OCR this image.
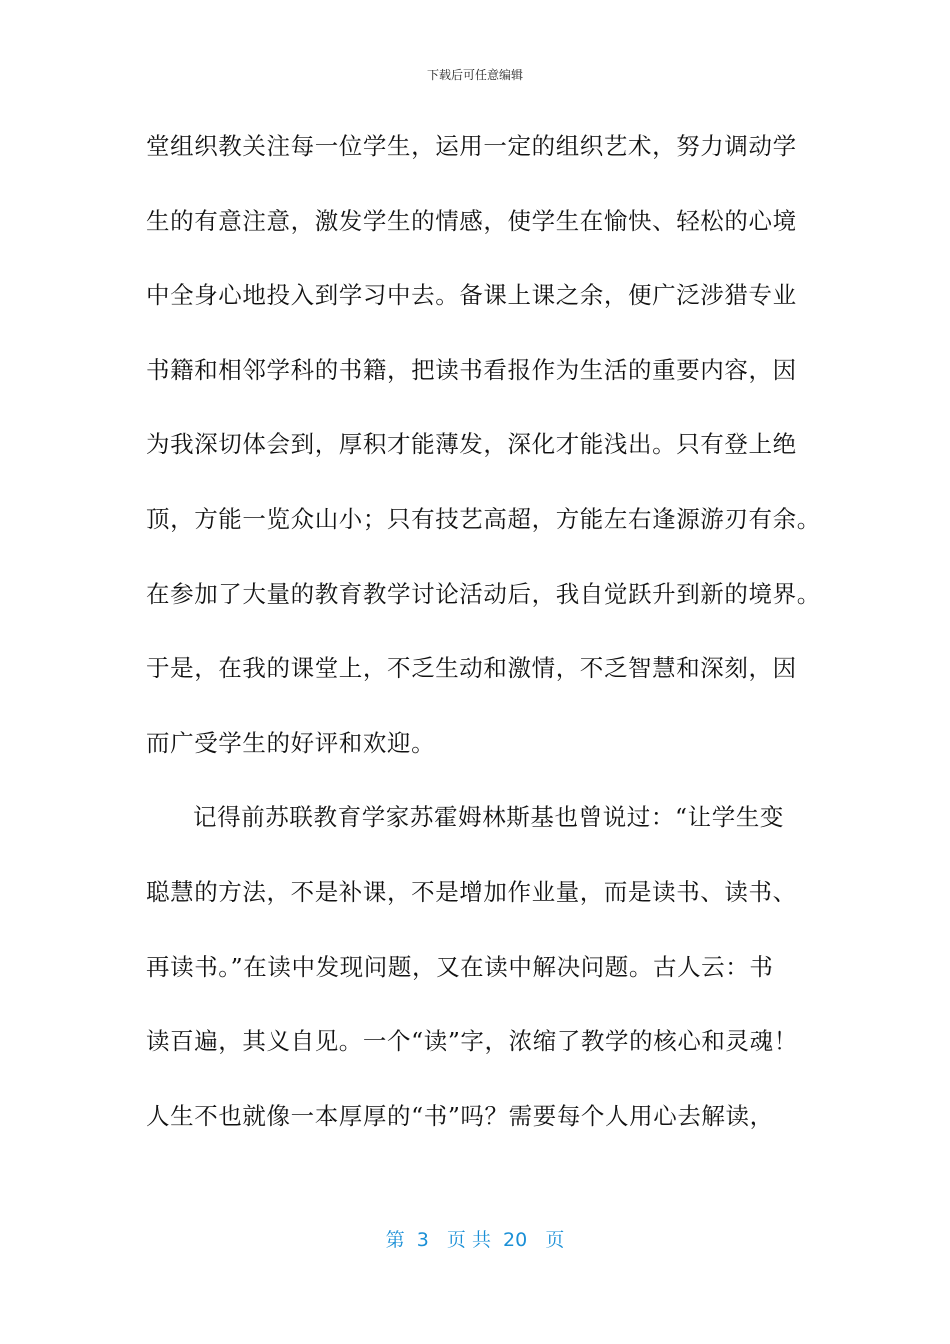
下载后可任意编辑
堂组织教关注每一位学生，运用一定的组织艺术，努力调动学
生的有意注意，激发学生的情感，使学生在愉快、轻松的心境
中全身心地投入到学习中去。备课上课之余，便广泛涉猎专业
书籍和相邻学科的书籍，把读书看报作为生活的重要内容，因
为我深切体会到，厚积才能薄发，深化才能浅出。只有登上绝
顶，方能一览众山小；只有技艺高超，方能左右逢源游刃有余。
在参加了大量的教育教学讨论活动后，我自觉跃升到新的境界。
于是，在我的课堂上，不乏生动和激情，不乏智慧和深刻，因
而广受学生的好评和欢迎。
记得前苏联教育学家苏霍姆林斯基也曾说过：“让学生变
聪慧的方法，不是补课，不是增加作业量，而是读书、读书、
再读书。”在读中发现问题，又在读中解决问题。古人云：书
读百遍，其义自见。一个“读”字，浓缩了教学的核心和灵魂！
人生不也就像一本厚厚的“书”吗？需要每个人用心去解读，
第  3   页 共  20   页
